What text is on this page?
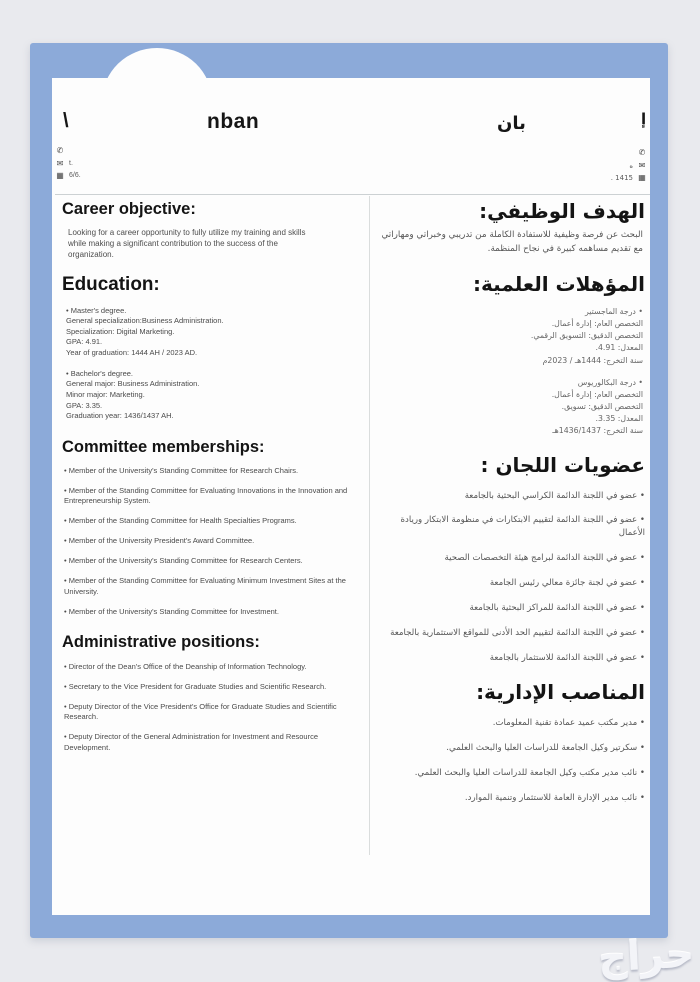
\	nban	بان	إ
✆
✉ t.
▦ 6/6.
✆
✉
ه
▦
1415 .
Career objective:

Looking for a career opportunity to fully utilize my training and skills while making a significant contribution to the success of the organization.

Education:
• Master's degree.
General specialization:Business Administration.
Specialization: Digital Marketing.
GPA: 4.91.
Year of graduation: 1444 AH / 2023 AD.
• Bachelor's degree.
General major: Business Administration.
Minor major: Marketing.
GPA: 3.35.
Graduation year: 1436/1437 AH.
Committee memberships:
• Member of the University's Standing Committee for Research Chairs.
• Member of the Standing Committee for Evaluating Innovations in the Innovation and Entrepreneurship System.
• Member of the Standing Committee for Health Specialties Programs.
• Member of the University President's Award Committee.
• Member of the University's Standing Committee for Research Centers.
• Member of the Standing Committee for Evaluating Minimum Investment Sites at the University.
• Member of the University's Standing Committee for Investment.
Administrative positions:
• Director of the Dean's Office of the Deanship of Information Technology.
• Secretary to the Vice President for Graduate Studies and Scientific Research.
• Deputy Director of the Vice President's Office for Graduate Studies and Scientific Research.
• Deputy Director of the General Administration for Investment and Resource Development.
الهدف الوظيفي:

البحث عن فرصة وظيفية للاستفادة الكاملة من تدريبي وخبراتي ومهاراتي مع تقديم مساهمه كبيرة في نجاح المنظمة.

المؤهلات العلمية:
• درجة الماجستير
التخصص العام: إدارة أعمال.
التخصص الدقيق: التسويق الرقمي.
المعدل: 4.91.
سنة التخرج: 1444هـ / 2023م
• درجة البكالوريوس
التخصص العام: إدارة أعمال.
التخصص الدقيق: تسويق.
المعدل: 3.35.
سنة التخرج: 1436/1437هـ
عضويات اللجان :
• عضو في اللجنة الدائمة الكراسي البحثية بالجامعة
• عضو في اللجنة الدائمة لتقييم الابتكارات في منظومة الابتكار وريادة الأعمال
• عضو في اللجنة الدائمة لبرامج هيئة التخصصات الصحية
• عضو في لجنة جائزة معالي رئيس الجامعة
• عضو في اللجنة الدائمة للمراكز البحثية بالجامعة
• عضو في اللجنة الدائمة لتقييم الحد الأدنى للمواقع الاستثمارية بالجامعة
• عضو في اللجنة الدائمة للاستثمار بالجامعة
المناصب الإدارية:
• مدير مكتب عميد عمادة تقنية المعلومات.
• سكرتير وكيل الجامعة للدراسات العليا والبحث العلمي.
• نائب مدير مكتب وكيل الجامعة للدراسات العليا والبحث العلمي.
• نائب مدير الإدارة العامة للاستثمار وتنمية الموارد.
حراج
